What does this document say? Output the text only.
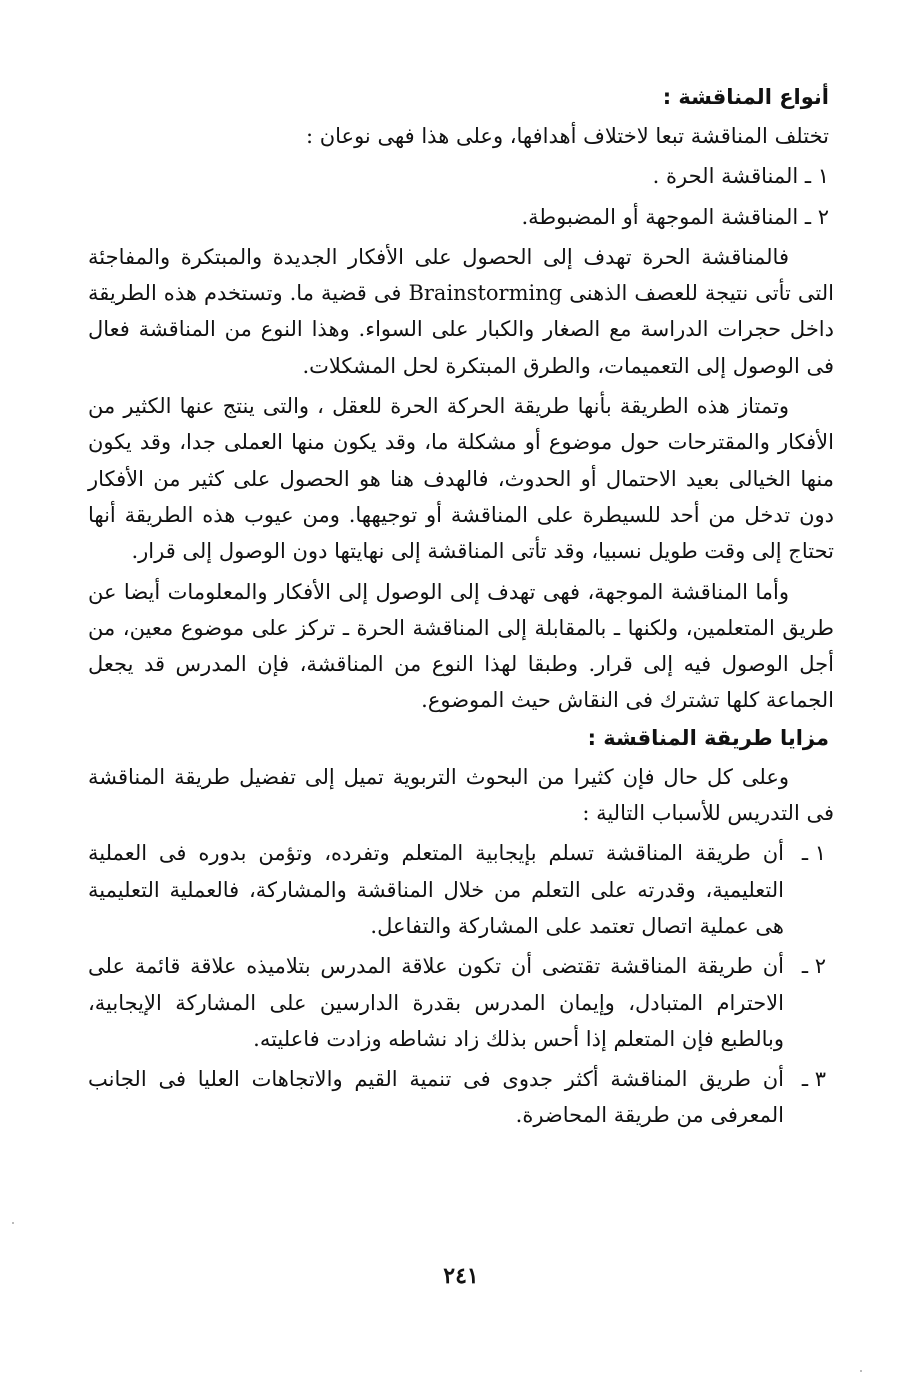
أنواع المناقشة :
تختلف المناقشة تبعا لاختلاف أهدافها، وعلى هذا فهى نوعان :
١ ـ المناقشة الحرة .
٢ ـ المناقشة الموجهة أو المضبوطة.
فالمناقشة الحرة تهدف إلى الحصول على الأفكار الجديدة والمبتكرة والمفاجئة التى تأتى نتيجة للعصف الذهنى Brainstorming فى قضية ما. وتستخدم هذه الطريقة داخل حجرات الدراسة مع الصغار والكبار على السواء. وهذا النوع من المناقشة فعال فى الوصول إلى التعميمات، والطرق المبتكرة لحل المشكلات.
وتمتاز هذه الطريقة بأنها طريقة الحركة الحرة للعقل ، والتى ينتج عنها الكثير من الأفكار والمقترحات حول موضوع أو مشكلة ما، وقد يكون منها العملى جدا، وقد يكون منها الخيالى بعيد الاحتمال أو الحدوث، فالهدف هنا هو الحصول على كثير من الأفكار دون تدخل من أحد للسيطرة على المناقشة أو توجيهها. ومن عيوب هذه الطريقة أنها تحتاج إلى وقت طويل نسبيا، وقد تأتى المناقشة إلى نهايتها دون الوصول إلى قرار.
وأما المناقشة الموجهة، فهى تهدف إلى الوصول إلى الأفكار والمعلومات أيضا عن طريق المتعلمين، ولكنها ـ بالمقابلة إلى المناقشة الحرة ـ تركز على موضوع معين، من أجل الوصول فيه إلى قرار. وطبقا لهذا النوع من المناقشة، فإن المدرس قد يجعل الجماعة كلها تشترك فى النقاش حيث الموضوع.
مزايا طريقة المناقشة :
وعلى كل حال فإن كثيرا من البحوث التربوية تميل إلى تفضيل طريقة المناقشة فى التدريس للأسباب التالية :
١ ـ
أن طريقة المناقشة تسلم بإيجابية المتعلم وتفرده، وتؤمن بدوره فى العملية التعليمية، وقدرته على التعلم من خلال المناقشة والمشاركة، فالعملية التعليمية هى عملية اتصال تعتمد على المشاركة والتفاعل.
٢ ـ
أن طريقة المناقشة تقتضى أن تكون علاقة المدرس بتلاميذه علاقة قائمة على الاحترام المتبادل، وإيمان المدرس بقدرة الدارسين على المشاركة الإيجابية، وبالطبع فإن المتعلم إذا أحس بذلك زاد نشاطه وزادت فاعليته.
٣ ـ
أن طريق المناقشة أكثر جدوى فى تنمية القيم والاتجاهات العليا فى الجانب المعرفى من طريقة المحاضرة.
٢٤١
